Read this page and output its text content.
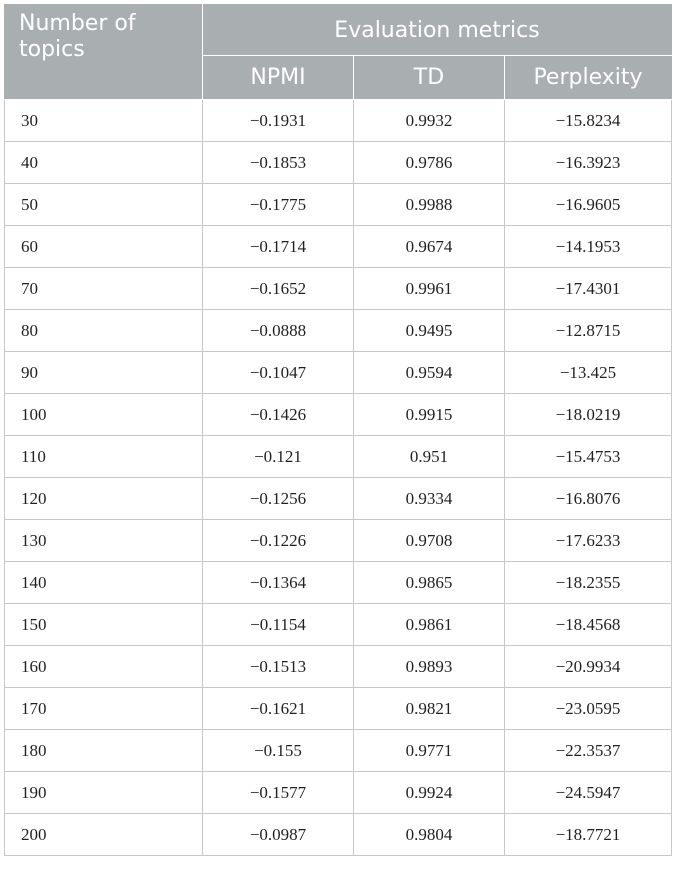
Number of topics	Evaluation metrics		
	NPMI	TD	Perplexity
30	−0.1931	0.9932	−15.8234
40	−0.1853	0.9786	−16.3923
50	−0.1775	0.9988	−16.9605
60	−0.1714	0.9674	−14.1953
70	−0.1652	0.9961	−17.4301
80	−0.0888	0.9495	−12.8715
90	−0.1047	0.9594	−13.425
100	−0.1426	0.9915	−18.0219
110	−0.121	0.951	−15.4753
120	−0.1256	0.9334	−16.8076
130	−0.1226	0.9708	−17.6233
140	−0.1364	0.9865	−18.2355
150	−0.1154	0.9861	−18.4568
160	−0.1513	0.9893	−20.9934
170	−0.1621	0.9821	−23.0595
180	−0.155	0.9771	−22.3537
190	−0.1577	0.9924	−24.5947
200	−0.0987	0.9804	−18.7721
